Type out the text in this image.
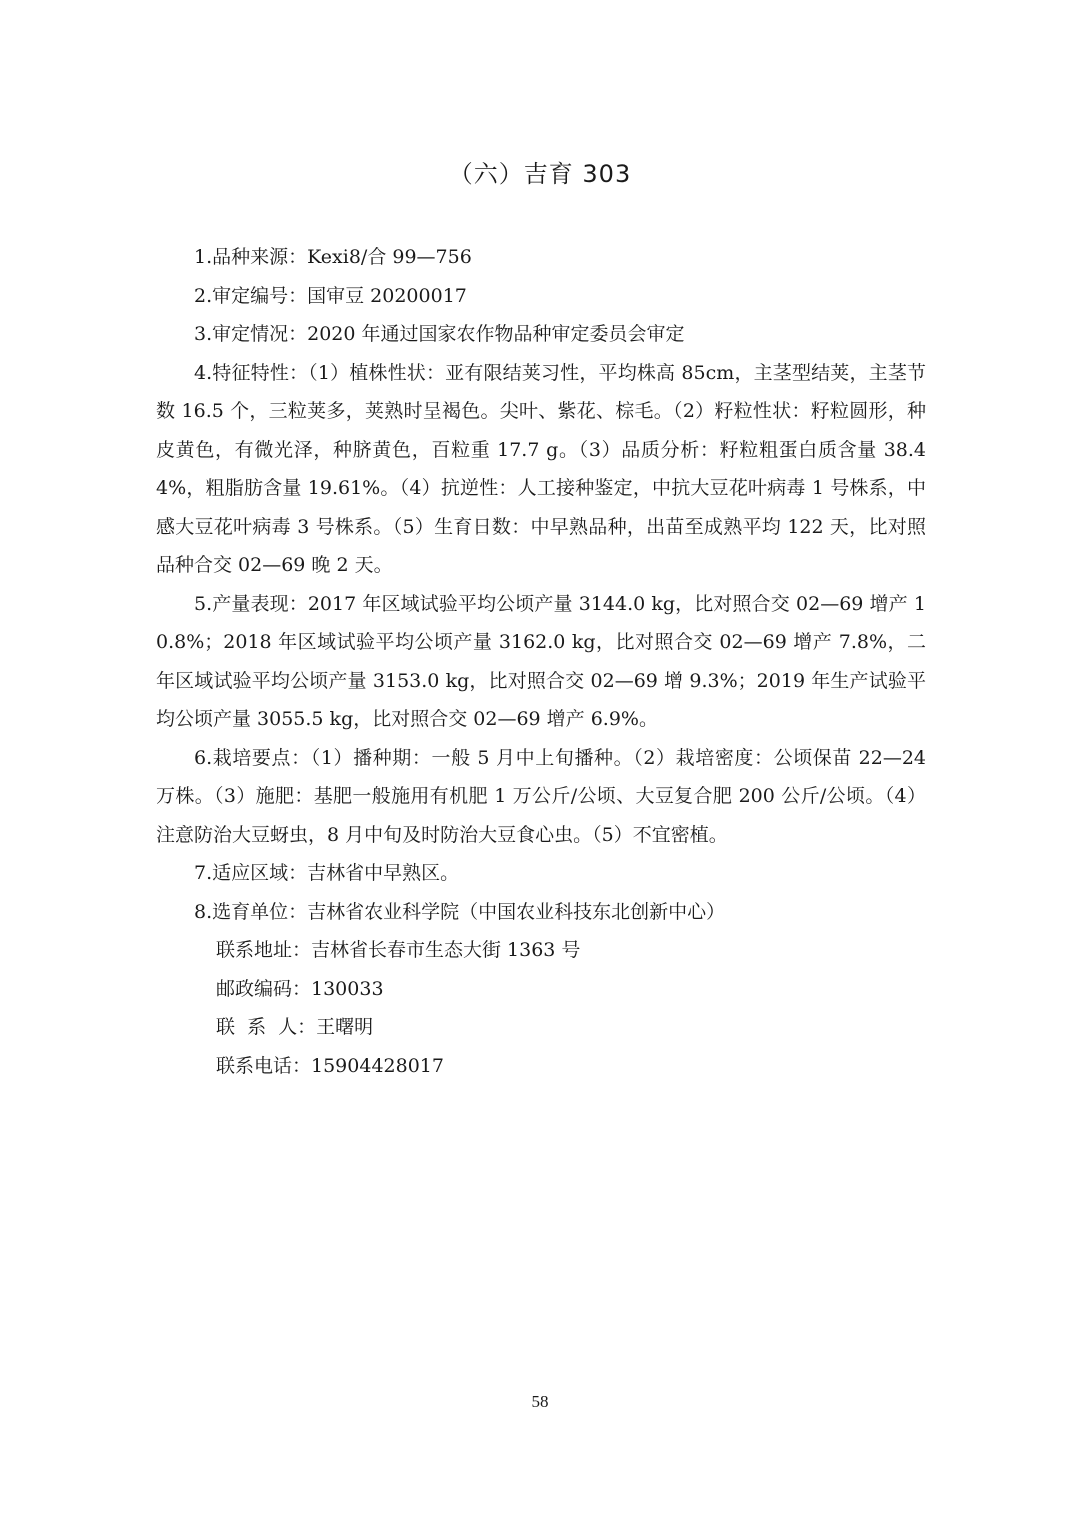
（六）吉育 303

1.品种来源：Kexi8/合 99—756

2.审定编号：国审豆 20200017

3.审定情况：2020 年通过国家农作物品种审定委员会审定

4.特征特性：（1）植株性状：亚有限结荚习性，平均株高 85cm，主茎型结荚，主茎节数 16.5 个，三粒荚多，荚熟时呈褐色。尖叶、紫花、棕毛。（2）籽粒性状：籽粒圆形，种皮黄色，有微光泽，种脐黄色，百粒重 17.7 g。（3）品质分析：籽粒粗蛋白质含量 38.44%，粗脂肪含量 19.61%。（4）抗逆性：人工接种鉴定，中抗大豆花叶病毒 1 号株系，中感大豆花叶病毒 3 号株系。（5）生育日数：中早熟品种，出苗至成熟平均 122 天，比对照品种合交 02—69 晚 2 天。

5.产量表现：2017 年区域试验平均公顷产量 3144.0 kg，比对照合交 02—69 增产 10.8%；2018 年区域试验平均公顷产量 3162.0 kg，比对照合交 02—69 增产 7.8%，二年区域试验平均公顷产量 3153.0 kg，比对照合交 02—69 增 9.3%；2019 年生产试验平均公顷产量 3055.5 kg，比对照合交 02—69 增产 6.9%。

6.栽培要点：（1）播种期：一般 5 月中上旬播种。（2）栽培密度：公顷保苗 22—24 万株。（3）施肥：基肥一般施用有机肥 1 万公斤/公顷、大豆复合肥 200 公斤/公顷。（4）注意防治大豆蚜虫，8 月中旬及时防治大豆食心虫。（5）不宜密植。

7.适应区域：吉林省中早熟区。

8.选育单位：吉林省农业科学院（中国农业科技东北创新中心）

联系地址：吉林省长春市生态大街 1363 号

邮政编码：130033

联  系  人：王曙明

联系电话：15904428017

58
